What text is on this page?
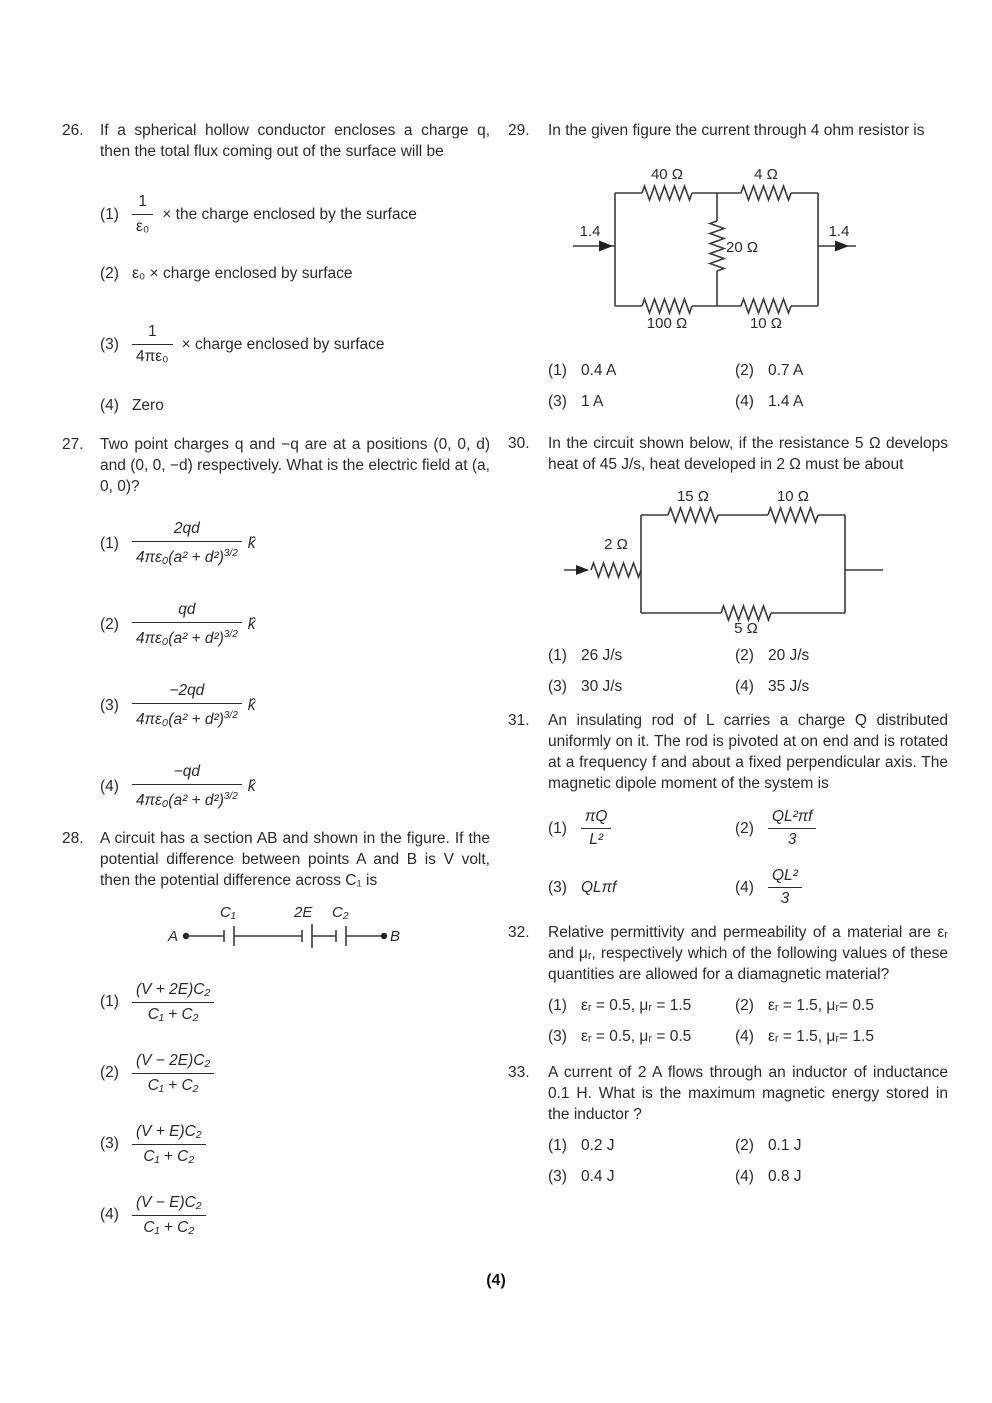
26.	If a spherical hollow conductor encloses a charge q, then the total flux coming out of the surface will be
$(1) \frac{1}{\text{ε₀}}$ × the charge enclosed by the surface
(2) ε₀ × charge enclosed by surface
$(3) \frac{1}{\text{4πε₀}}$ × charge enclosed by surface
(4) Zero
27.	Two point charges q and −q are at a positions (0, 0, d) and (0, 0, −d) respectively. What is the electric field at (a, 0, 0)?
$(1) \frac{2qd}{4\pi\varepsilon_0(a^2 + d^2)^{3/2}}$ k̂
$(2) \frac{qd}{4\pi\varepsilon_0(a^2 + d^2)^{3/2}}$ k̂
$(3) \frac{-2qd}{4\pi\varepsilon_0(a^2 + d^2)^{3/2}}$ k̂
$(4) \frac{-qd}{4\pi\varepsilon_0(a^2 + d^2)^{3/2}}$ k̂
28.	A circuit has a section AB and shown in the figure. If the potential difference between points A and B is V volt, then the potential difference across C₁ is
A
C₁	2E C₂
B
$(1) \frac{\text{(V + 2E)C₂}}{\text{C₁ + C₂}}$
$(2) \frac{\text{(V − 2E)C₂}}{\text{C₁ + C₂}}$
$(3) \frac{\text{(V + E)C₂}}{\text{C₁ + C₂}}$
$(4) \frac{\text{(V − E)C₂}}{\text{C₁ + C₂}}$
29.	In the given figure the current through 4 ohm resistor is
40 Ω	4 Ω
100 Ω	10 Ω
20 Ω
1.4	1.4
(1) 0.4 A	(2) 0.7 A
(3) 1 A	(4) 1.4 A
30.	In the circuit shown below, if the resistance 5 Ω develops heat of 45 J/s, heat developed in 2 Ω must be about
2 Ω
15 Ω	10 Ω
5 Ω
(1) 26 J/s	(2) 20 J/s
(3) 30 J/s	(4) 35 J/s
31.	An insulating rod of L carries a charge Q distributed uniformly on it. The rod is pivoted at on end and is rotated at a frequency f and about a fixed perpendicular axis. The magnetic dipole moment of the system is
$(1) \frac{\pi Q}{\text{L²}}$	$(2) \frac{\text{QL²πf}}{3}$
(3) QLπf	$(4) \frac{\text{QL²}}{3}$
32.	Relative permittivity and permeability of a material are εᵣ and μᵣ, respectively which of the following values of these quantities are allowed for a diamagnetic material?
(1) εᵣ = 0.5, μᵣ = 1.5	(2) εᵣ = 1.5, μᵣ= 0.5
(3) εᵣ = 0.5, μᵣ = 0.5	(4) εᵣ = 1.5, μᵣ= 1.5
33.	A current of 2 A flows through an inductor of inductance 0.1 H. What is the maximum magnetic energy stored in the inductor ?
(1) 0.2 J	(2) 0.1 J
(3) 0.4 J	(4) 0.8 J
(4)
